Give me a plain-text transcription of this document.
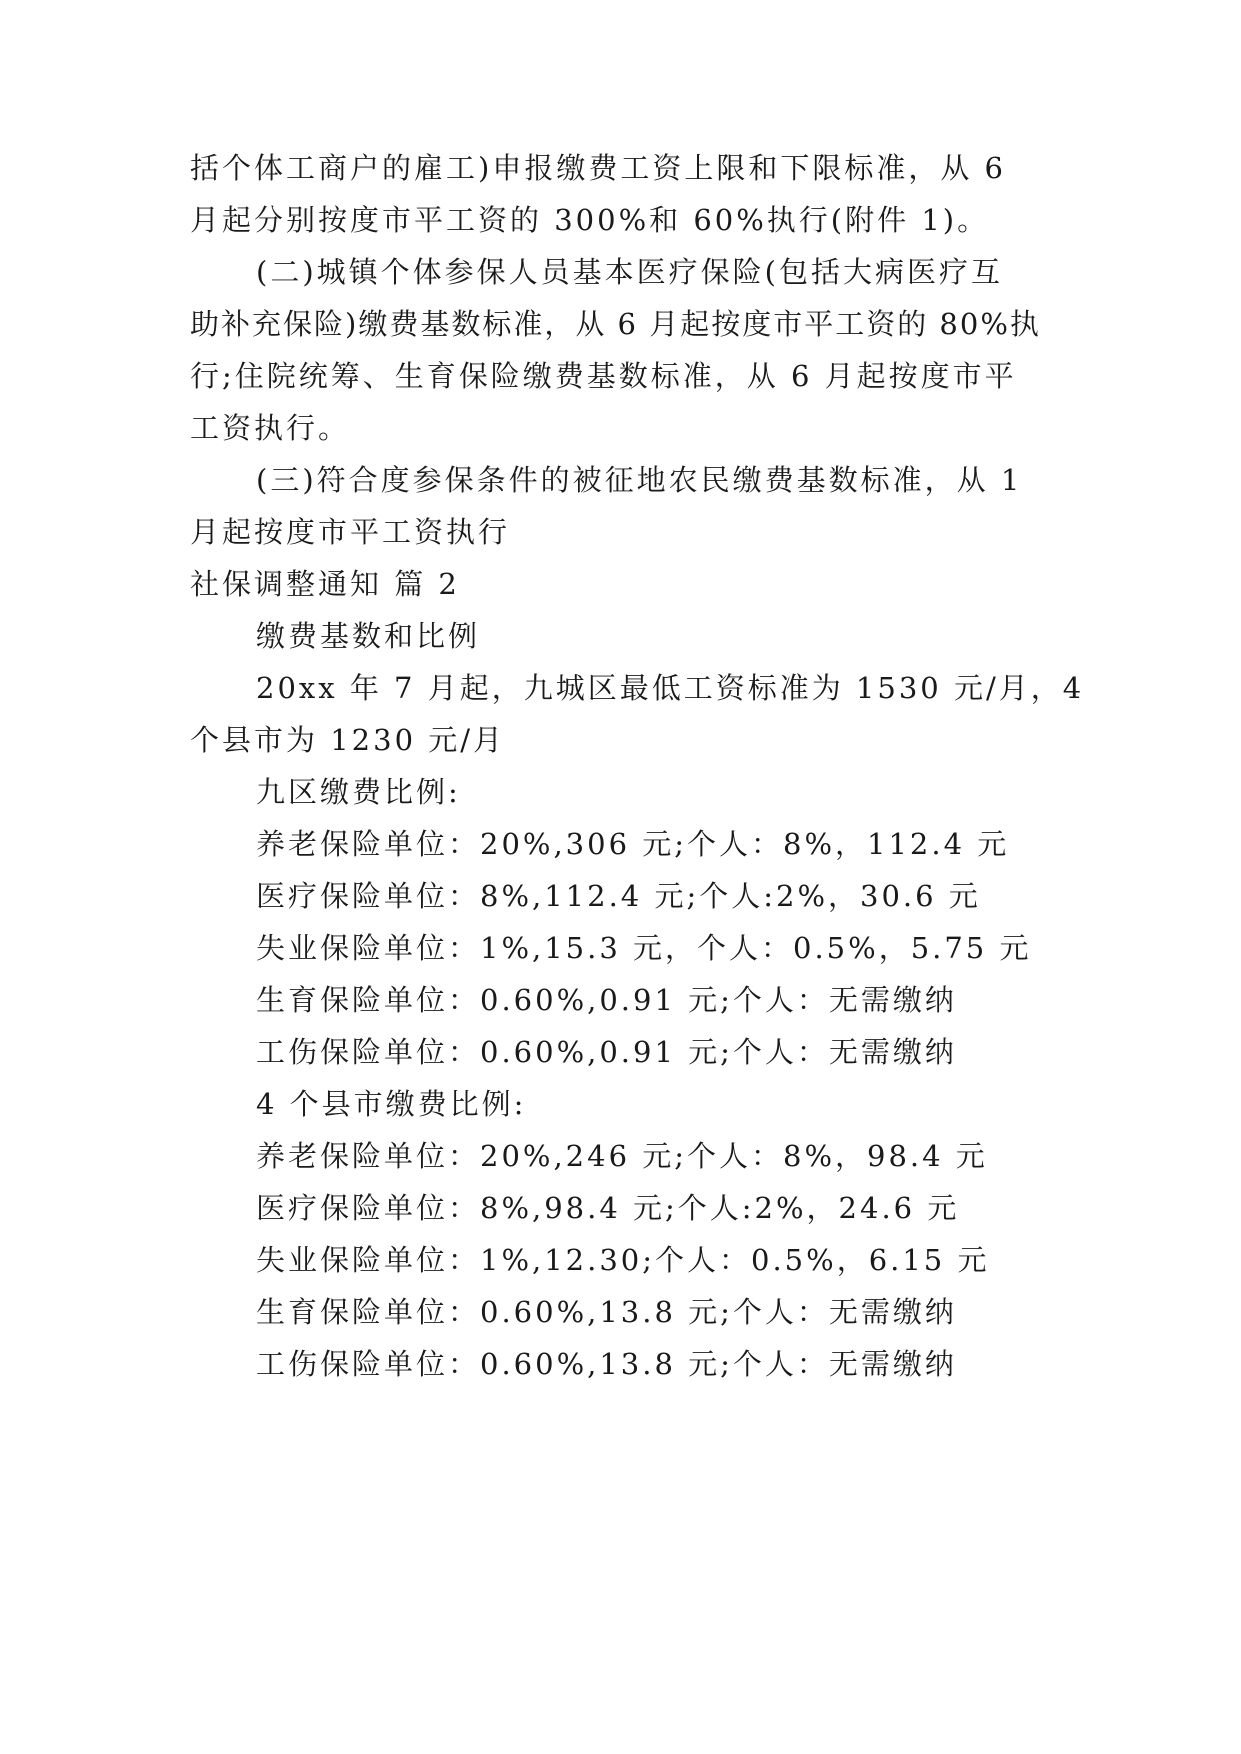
括个体工商户的雇工)申报缴费工资上限和下限标准，从 6
月起分别按度市平工资的 300%和 60%执行(附件 1)。
(二)城镇个体参保人员基本医疗保险(包括大病医疗互
助补充保险)缴费基数标准，从 6 月起按度市平工资的 80%执
行;住院统筹、生育保险缴费基数标准，从 6 月起按度市平
工资执行。
(三)符合度参保条件的被征地农民缴费基数标准，从 1
月起按度市平工资执行
社保调整通知 篇 2
缴费基数和比例
20xx 年 7 月起，九城区最低工资标准为 1530 元/月，4
个县市为 1230 元/月
九区缴费比例:
养老保险单位：20%,306 元;个人：8%，112.4 元
医疗保险单位：8%,112.4 元;个人:2%，30.6 元
失业保险单位：1%,15.3 元，个人：0.5%，5.75 元
生育保险单位：0.60%,0.91 元;个人：无需缴纳
工伤保险单位：0.60%,0.91 元;个人：无需缴纳
4 个县市缴费比例:
养老保险单位：20%,246 元;个人：8%，98.4 元
医疗保险单位：8%,98.4 元;个人:2%，24.6 元
失业保险单位：1%,12.30;个人：0.5%，6.15 元
生育保险单位：0.60%,13.8 元;个人：无需缴纳
工伤保险单位：0.60%,13.8 元;个人：无需缴纳
